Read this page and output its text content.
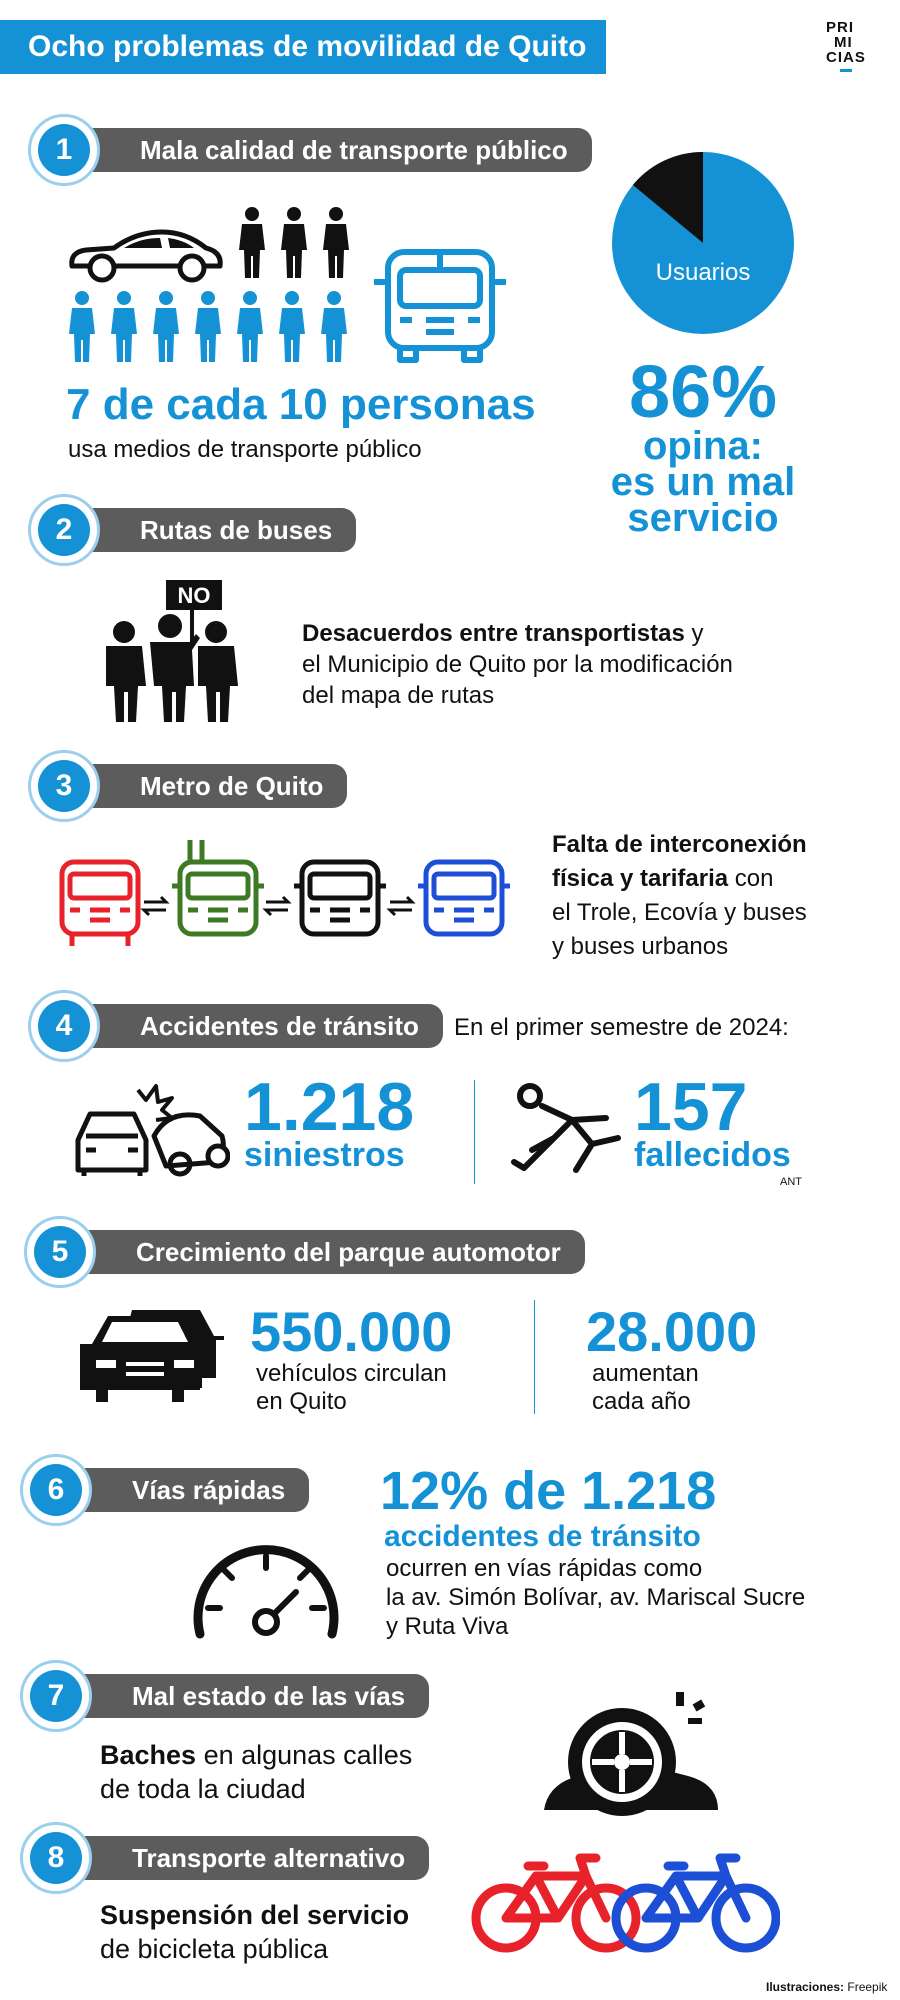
Ocho problemas de movilidad de Quito
PRI
MI
CIAS
Mala calidad de transporte público
1
7 de cada 10 personas
usa medios de transporte público
Usuarios
86%
opina:
es un mal
servicio
Rutas de buses
2
NO
Desacuerdos entre transportistas y
el Municipio de Quito por la modificación
del mapa de rutas
Metro de Quito
3
Falta de interconexión
física y tarifaria con
el Trole, Ecovía y buses
y buses urbanos
Accidentes de tránsito
4	En el primer semestre de 2024:
1.218
siniestros
157
fallecidos
ANT
Crecimiento del parque automotor
5
550.000
vehículos circulan
en Quito
28.000
aumentan
cada año
Vías rápidas
6	12% de 1.218
accidentes de tránsito
ocurren en vías rápidas como
la av. Simón Bolívar, av. Mariscal Sucre
y Ruta Viva
Mal estado de las vías
7
Baches en algunas calles
de toda la ciudad
Transporte alternativo
8
Suspensión del servicio
de bicicleta pública
Ilustraciones: Freepik
